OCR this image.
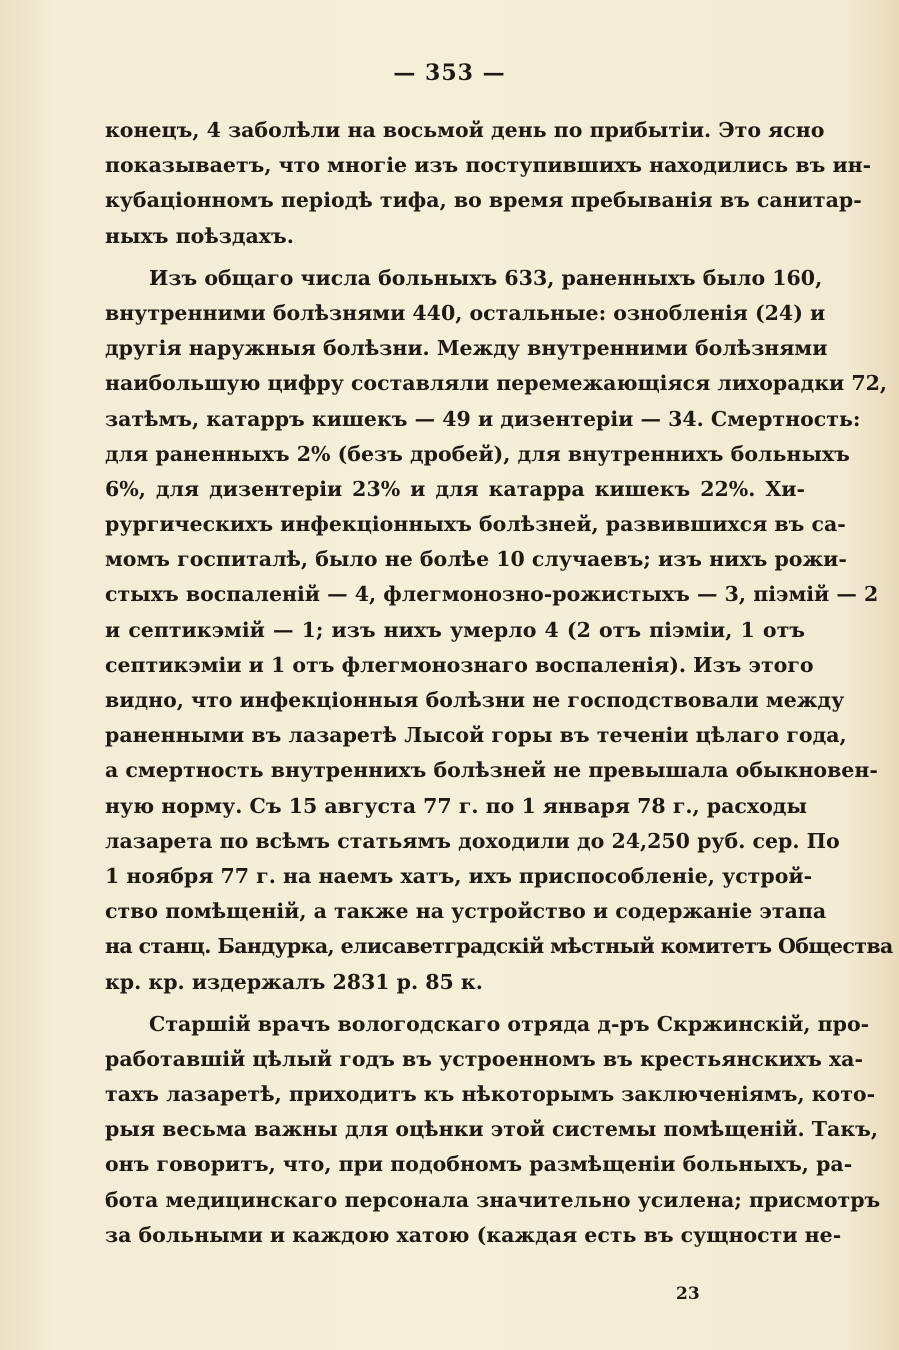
— 353 —
конецъ, 4 заболѣли на восьмой день по прибытіи. Это ясно
показываетъ, что многіе изъ поступившихъ находились въ ин-
кубаціонномъ періодѣ тифа, во время пребыванія въ санитар-
ныхъ поѣздахъ.
Изъ общаго числа больныхъ 633, раненныхъ было 160,
внутренними болѣзнями 440, остальные: ознобленія (24) и
другія наружныя болѣзни. Между внутренними болѣзнями
наибольшую цифру составляли перемежающіяся лихорадки 72,
затѣмъ, катарръ кишекъ — 49 и дизентеріи — 34. Смертность:
для раненныхъ 2% (безъ дробей), для внутреннихъ больныхъ
6%, для дизентеріи 23% и для катарра кишекъ 22%. Хи-
рургическихъ инфекціонныхъ болѣзней, развившихся въ са-
момъ госпиталѣ, было не болѣе 10 случаевъ; изъ нихъ рожи-
стыхъ воспаленій — 4, флегмонозно-рожистыхъ — 3, піэмій — 2
и септикэмій — 1; изъ нихъ умерло 4 (2 отъ піэміи, 1 отъ
септикэміи и 1 отъ флегмонознаго воспаленія). Изъ этого
видно, что инфекціонныя болѣзни не господствовали между
раненными въ лазаретѣ Лысой горы въ теченіи цѣлаго года,
а смертность внутреннихъ болѣзней не превышала обыкновен-
ную норму. Съ 15 августа 77 г. по 1 января 78 г., расходы
лазарета по всѣмъ статьямъ доходили до 24,250 руб. сер. По
1 ноября 77 г. на наемъ хатъ, ихъ приспособленіе, устрой-
ство помѣщеній, а также на устройство и содержаніе этапа
на станц. Бандурка, елисаветградскій мѣстный комитетъ Общества
кр. кр. издержалъ 2831 р. 85 к.
Старшій врачъ вологодскаго отряда д-ръ Скржинскій, про-
работавшій цѣлый годъ въ устроенномъ въ крестьянскихъ ха-
тахъ лазаретѣ, приходитъ къ нѣкоторымъ заключеніямъ, кото-
рыя весьма важны для оцѣнки этой системы помѣщеній. Такъ,
онъ говоритъ, что, при подобномъ размѣщеніи больныхъ, ра-
бота медицинскаго персонала значительно усилена; присмотръ
за больными и каждою хатою (каждая есть въ сущности не-
23
